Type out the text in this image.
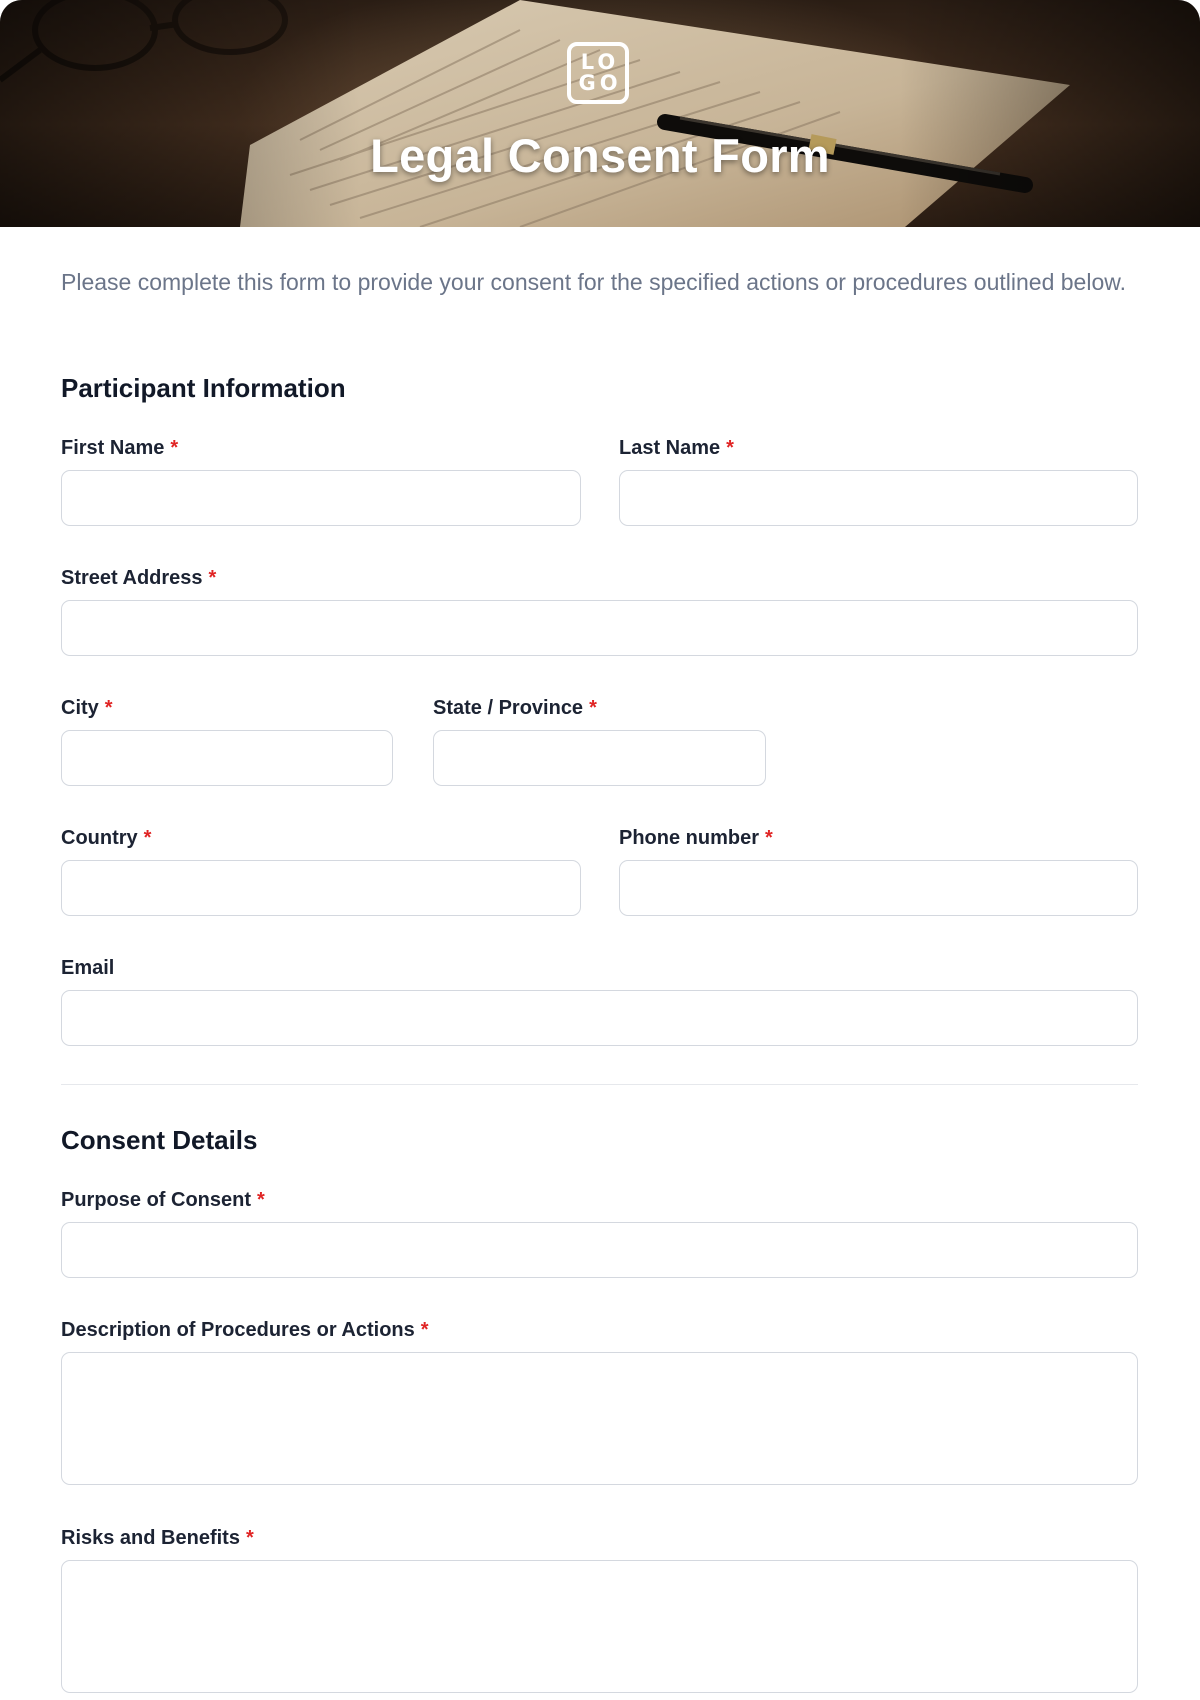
LOGO
Legal Consent Form
Please complete this form to provide your consent for the specified actions or procedures outlined below.
Participant Information
First Name *	Last Name *
Street Address *
City *	State / Province *
Country *	Phone number *
Email
Consent Details
Purpose of Consent *
Description of Procedures or Actions *
Risks and Benefits *
